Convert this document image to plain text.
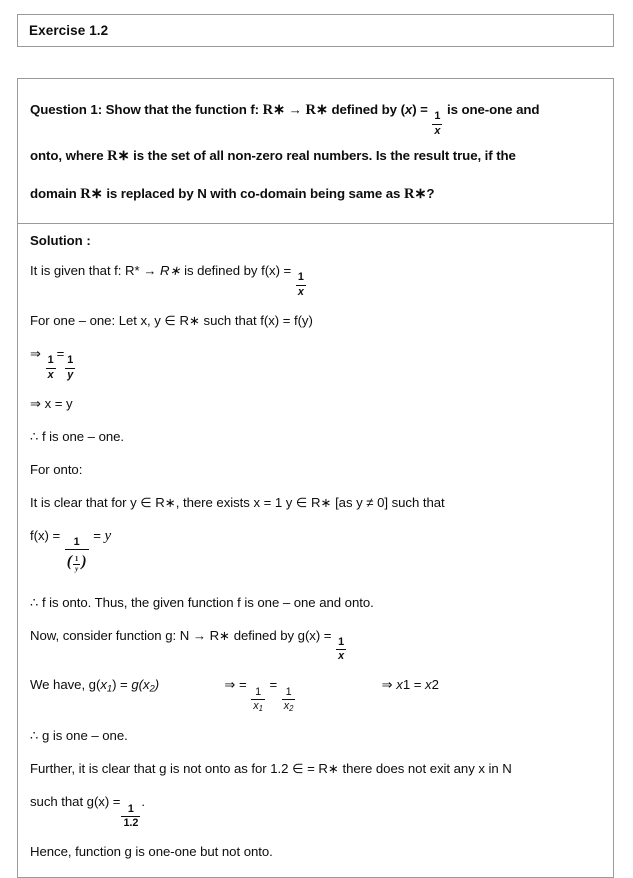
Exercise 1.2
Question 1: Show that the function f: R∗ → R∗ defined by (x) =
$\frac{1}{x}$
is one-one and
onto, where R∗ is the set of all non-zero real numbers. Is the result true, if the
domain R∗ is replaced by N with co-domain being same as R∗?
Solution :
It is given that f: R* → R∗ is defined by f(x) =
$\frac{1}{x}$
For one – one: Let x, y ∈ R∗ such that f(x) = f(y)
⇒
$\frac{1}{x}$
=
$\frac{1}{y}$
⇒ x = y
∴ f is one – one.
For onto:
It is clear that for y ∈ R∗, there exists x = 1 y ∈ R∗ [as y ≠ 0] such that
f(x) =
$\frac{1}{( \frac{1}{y} )}$
= y
∴ f is onto. Thus, the given function f is one – one and onto.
Now, consider function g: N → R∗ defined by g(x) =
$\frac{1}{x}$
We have, $g(x_1) = g(x_2)$	⇒ =
$\frac{1}{x_1}$
=
$\frac{1}{x_2}$
⇒ x1 = x2
∴ g is one – one.
Further, it is clear that g is not onto as for 1.2 ∈ = R∗ there does not exit any x in N
such that g(x) =
$\frac{1}{1.2}$
.
Hence, function g is one-one but not onto.
